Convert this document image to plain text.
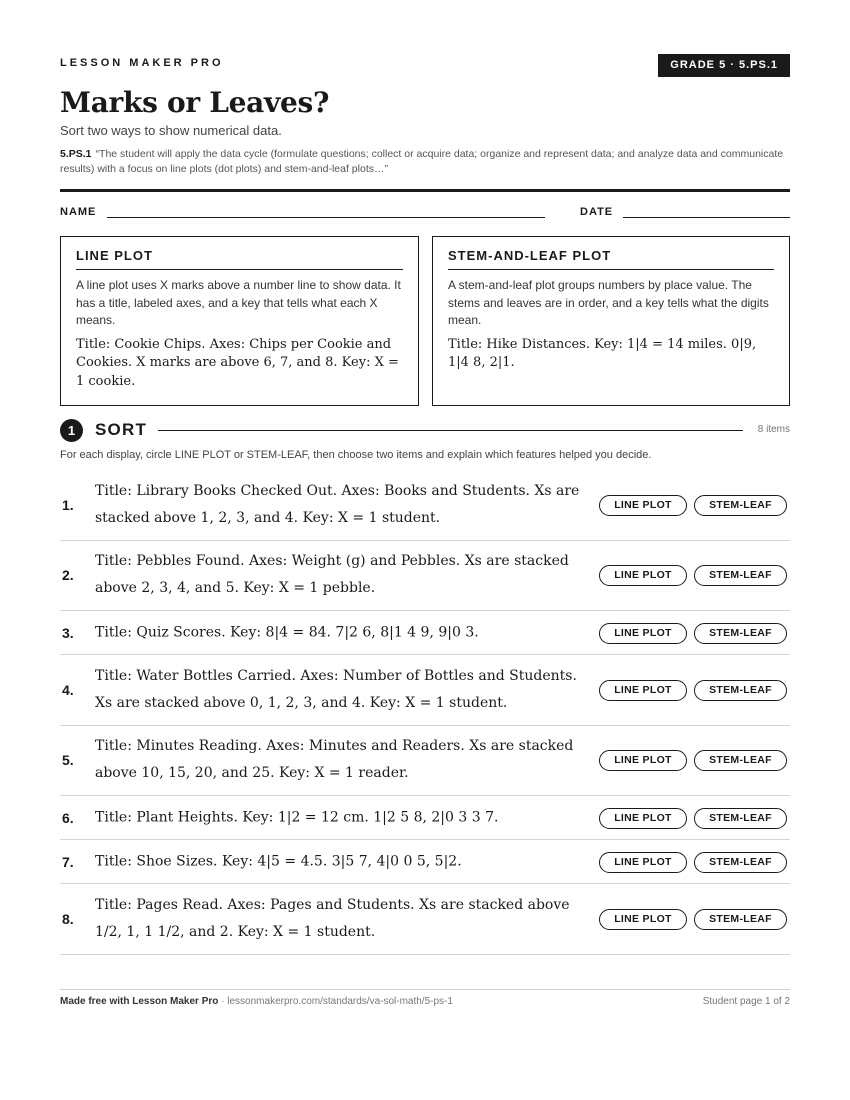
LESSON MAKER PRO	GRADE 5 · 5.PS.1
Marks or Leaves?
Sort two ways to show numerical data.
5.PS.1 “The student will apply the data cycle (formulate questions; collect or acquire data; organize and represent data; and analyze data and communicate results) with a focus on line plots (dot plots) and stem-and-leaf plots…”
NAME	DATE
LINE PLOT
A line plot uses X marks above a number line to show data. It has a title, labeled axes, and a key that tells what each X means.
Title: Cookie Chips. Axes: Chips per Cookie and Cookies. X marks are above 6, 7, and 8. Key: X = 1 cookie.
STEM-AND-LEAF PLOT
A stem-and-leaf plot groups numbers by place value. The stems and leaves are in order, and a key tells what the digits mean.
Title: Hike Distances. Key: 1|4 = 14 miles. 0|9, 1|4 8, 2|1.
1	SORT	8 items
For each display, circle LINE PLOT or STEM-LEAF, then choose two items and explain which features helped you decide.
1.
Title: Library Books Checked Out. Axes: Books and Students. Xs are stacked above 1, 2, 3, and 4. Key: X = 1 student.
LINE PLOT	STEM-LEAF
2.
Title: Pebbles Found. Axes: Weight (g) and Pebbles. Xs are stacked above 2, 3, 4, and 5. Key: X = 1 pebble.
LINE PLOT	STEM-LEAF
3. Title: Quiz Scores. Key: 8|4 = 84. 7|2 6, 8|1 4 9, 9|0 3.	LINE PLOT	STEM-LEAF
4.
Title: Water Bottles Carried. Axes: Number of Bottles and Students. Xs are stacked above 0, 1, 2, 3, and 4. Key: X = 1 student.
LINE PLOT	STEM-LEAF
5.
Title: Minutes Reading. Axes: Minutes and Readers. Xs are stacked above 10, 15, 20, and 25. Key: X = 1 reader.
LINE PLOT	STEM-LEAF
6. Title: Plant Heights. Key: 1|2 = 12 cm. 1|2 5 8, 2|0 3 3 7.	LINE PLOT	STEM-LEAF
7. Title: Shoe Sizes. Key: 4|5 = 4.5. 3|5 7, 4|0 0 5, 5|2.	LINE PLOT	STEM-LEAF
8.
Title: Pages Read. Axes: Pages and Students. Xs are stacked above 1/2, 1, 1 1/2, and 2. Key: X = 1 student.
LINE PLOT	STEM-LEAF
Made free with Lesson Maker Pro · lessonmakerpro.com/standards/va-sol-math/5-ps-1	Student page 1 of 2
